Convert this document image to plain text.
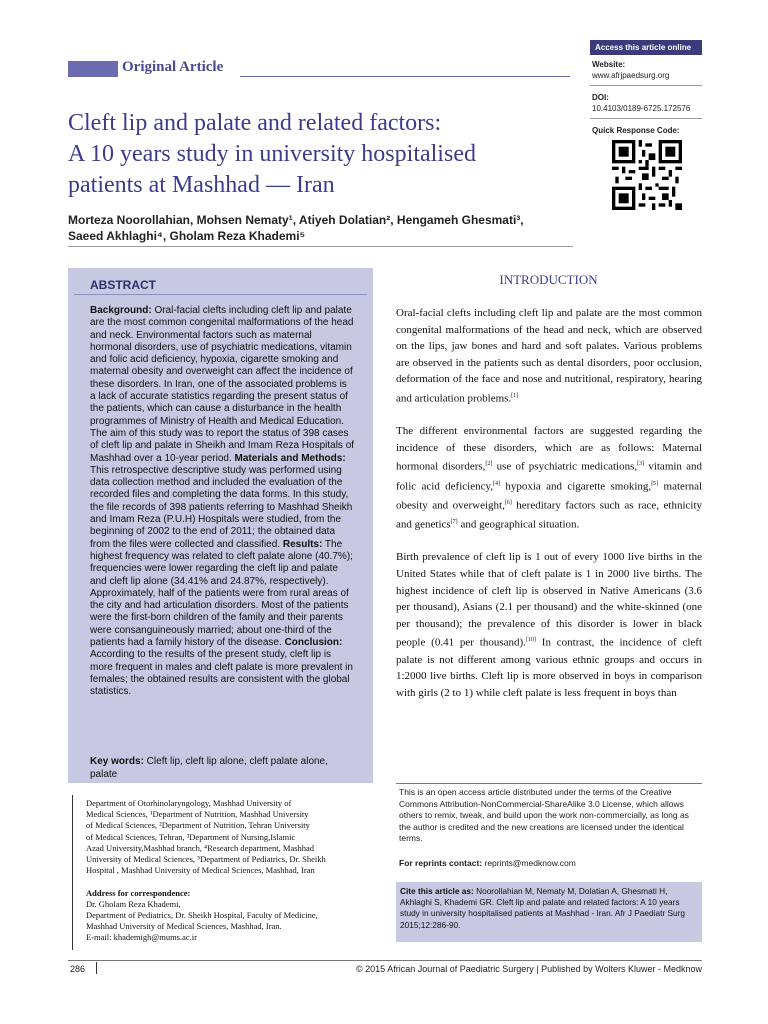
Original Article
Cleft lip and palate and related factors:
A 10 years study in university hospitalised
patients at Mashhad — Iran
Morteza Noorollahian, Mohsen Nematy¹, Atiyeh Dolatian², Hengameh Ghesmati³,
Saeed Akhlaghi⁴, Gholam Reza Khademi⁵
Access this article online
Website:
www.afrjpaedsurg.org
DOI:
10.4103/0189-6725.172576
Quick Response Code:
ABSTRACT
Background: Oral-facial clefts including cleft lip and palate are the most common congenital malformations of the head and neck. Environmental factors such as maternal hormonal disorders, use of psychiatric medications, vitamin and folic acid deficiency, hypoxia, cigarette smoking and maternal obesity and overweight can affect the incidence of these disorders. In Iran, one of the associated problems is a lack of accurate statistics regarding the present status of the patients, which can cause a disturbance in the health programmes of Ministry of Health and Medical Education. The aim of this study was to report the status of 398 cases of cleft lip and palate in Sheikh and Imam Reza Hospitals of Mashhad over a 10-year period. Materials and Methods: This retrospective descriptive study was performed using data collection method and included the evaluation of the recorded files and completing the data forms. In this study, the file records of 398 patients referring to Mashhad Sheikh and Imam Reza (P.U.H) Hospitals were studied, from the beginning of 2002 to the end of 2011; the obtained data from the files were collected and classified. Results: The highest frequency was related to cleft palate alone (40.7%); frequencies were lower regarding the cleft lip and palate and cleft lip alone (34.41% and 24.87%, respectively). Approximately, half of the patients were from rural areas of the city and had articulation disorders. Most of the patients were the first-born children of the family and their parents were consanguineously married; about one-third of the patients had a family history of the disease. Conclusion: According to the results of the present study, cleft lip is more frequent in males and cleft palate is more prevalent in females; the obtained results are consistent with the global statistics.
Key words: Cleft lip, cleft lip alone, cleft palate alone, palate
Department of Otorhinolaryngology, Mashhad University of
Medical Sciences, ¹Department of Nutrition, Mashhad University
of Medical Sciences, ²Department of Nutrition, Tehran University
of Medical Sciences, Tehran, ³Department of Nursing,Islamic
Azad University,Mashhad branch, ⁴Research department, Mashhad
University of Medical Sciences, ⁵Department of Pediatrics, Dr. Sheikh
Hospital , Mashhad University of Medical Sciences, Mashhad, Iran
Address for correspondence:
Dr. Gholam Reza Khademi,
Department of Pediatrics, Dr. Sheikh Hospital, Faculty of Medicine,
Mashhad University of Medical Sciences, Mashhad, Iran.
E-mail: khademigh@mums.ac.ir
INTRODUCTION

Oral-facial clefts including cleft lip and palate are the most common congenital malformations of the head and neck, which are observed on the lips, jaw bones and hard and soft palates. Various problems are observed in the patients such as dental disorders, poor occlusion, deformation of the face and nose and nutritional, respiratory, hearing and articulation problems.[1]

The different environmental factors are suggested regarding the incidence of these disorders, which are as follows: Maternal hormonal disorders,[2] use of psychiatric medications,[3] vitamin and folic acid deficiency,[4] hypoxia and cigarette smoking,[5] maternal obesity and overweight,[6] hereditary factors such as race, ethnicity and genetics[7] and geographical situation.

Birth prevalence of cleft lip is 1 out of every 1000 live births in the United States while that of cleft palate is 1 in 2000 live births. The highest incidence of cleft lip is observed in Native Americans (3.6 per thousand), Asians (2.1 per thousand) and the white-skinned (one per thousand); the prevalence of this disorder is lower in black people (0.41 per thousand).[10] In contrast, the incidence of cleft palate is not different among various ethnic groups and occurs in 1:2000 live births. Cleft lip is more observed in boys in comparison with girls (2 to 1) while cleft palate is less frequent in boys than

This is an open access article distributed under the terms of the Creative Commons Attribution-NonCommercial-ShareAlike 3.0 License, which allows others to remix, tweak, and build upon the work non-commercially, as long as the author is credited and the new creations are licensed under the identical terms.
For reprints contact: reprints@medknow.com
Cite this article as: Noorollahian M, Nematy M, Dolatian A, Ghesmati H, Akhlaghi S, Khademi GR. Cleft lip and palate and related factors: A 10 years study in university hospitalised patients at Mashhad - Iran. Afr J Paediatr Surg 2015;12:286-90.
286	© 2015 African Journal of Paediatric Surgery | Published by Wolters Kluwer - Medknow
